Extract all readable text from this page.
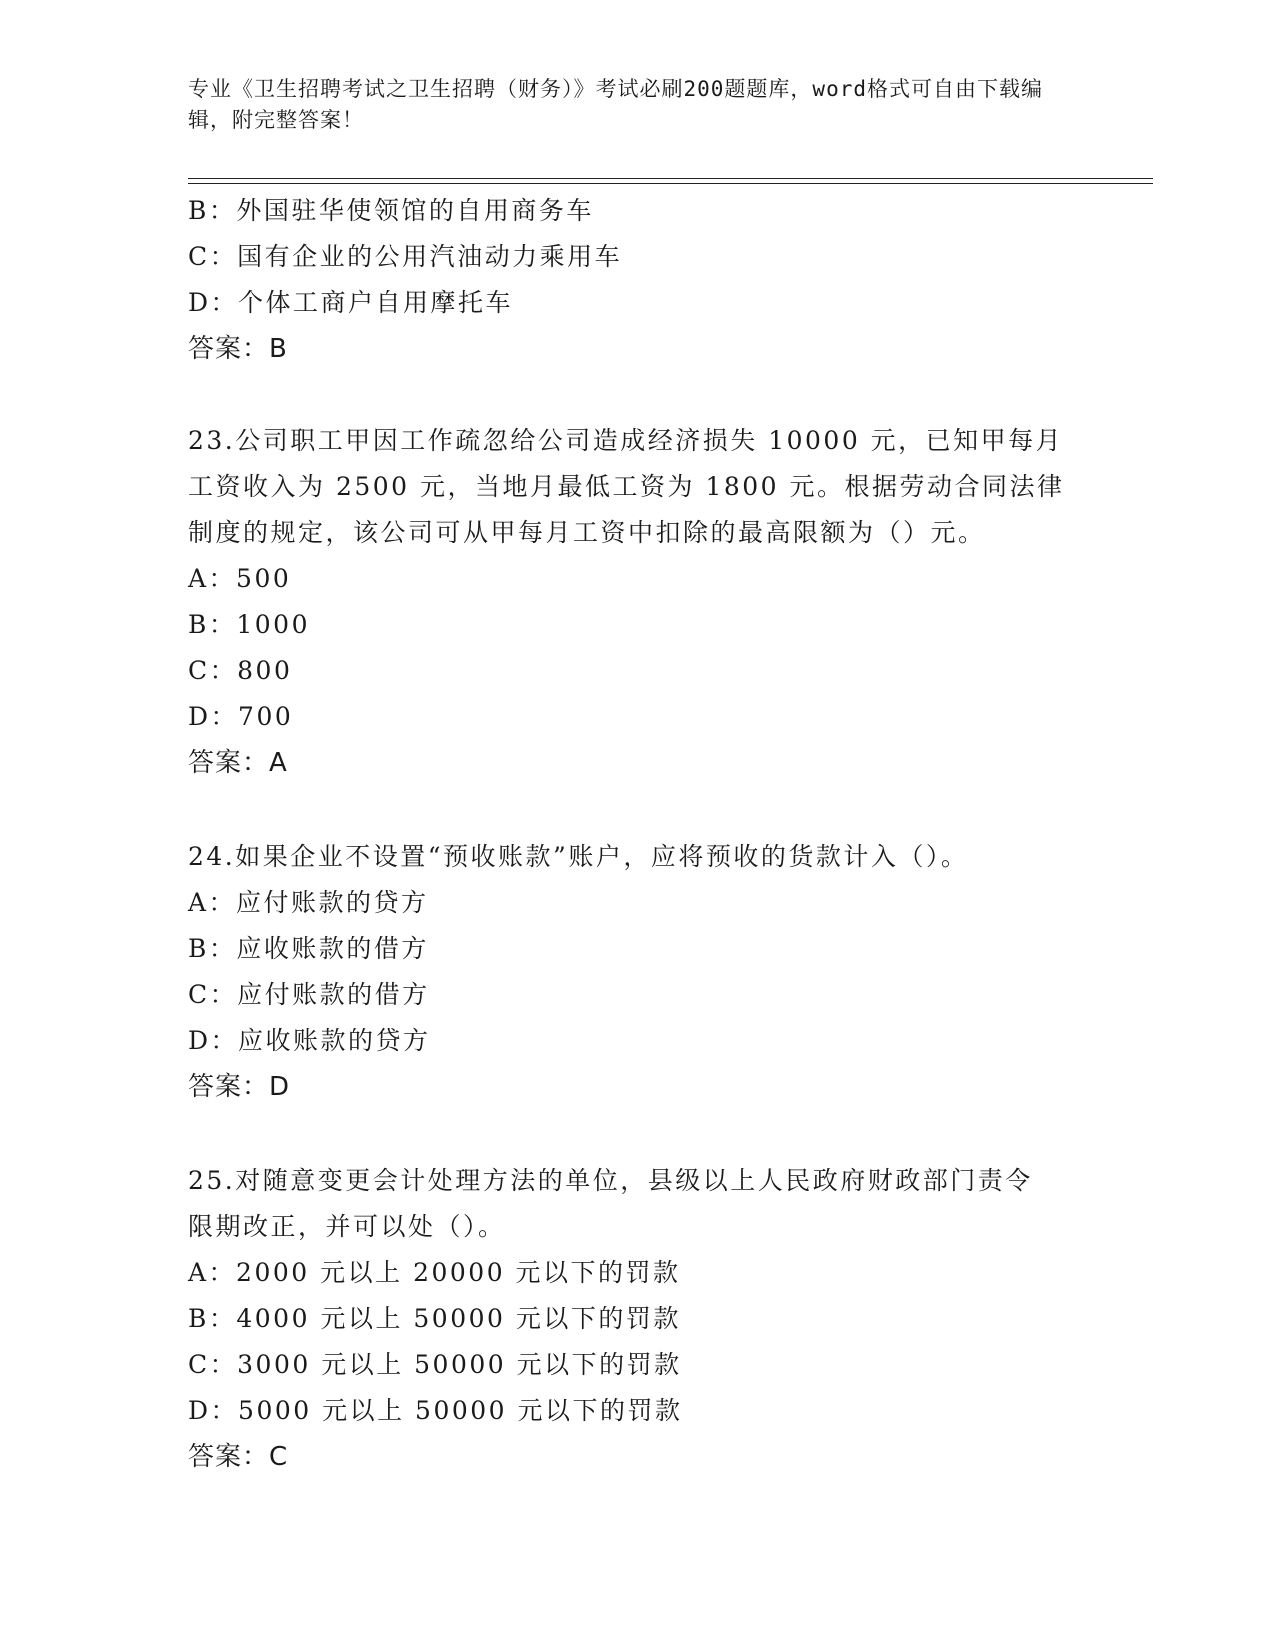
专业《卫生招聘考试之卫生招聘（财务）》考试必刷200题题库，word格式可自由下载编辑，附完整答案！
B：外国驻华使领馆的自用商务车
C：国有企业的公用汽油动力乘用车
D：个体工商户自用摩托车
答案：B
23.公司职工甲因工作疏忽给公司造成经济损失 10000 元，已知甲每月
工资收入为 2500 元，当地月最低工资为 1800 元。根据劳动合同法律
制度的规定，该公司可从甲每月工资中扣除的最高限额为（）元。
A：500
B：1000
C：800
D：700
答案：A
24.如果企业不设置“预收账款”账户，应将预收的货款计入（）。
A：应付账款的贷方
B：应收账款的借方
C：应付账款的借方
D：应收账款的贷方
答案：D
25.对随意变更会计处理方法的单位，县级以上人民政府财政部门责令
限期改正，并可以处（）。
A：2000 元以上 20000 元以下的罚款
B：4000 元以上 50000 元以下的罚款
C：3000 元以上 50000 元以下的罚款
D：5000 元以上 50000 元以下的罚款
答案：C
